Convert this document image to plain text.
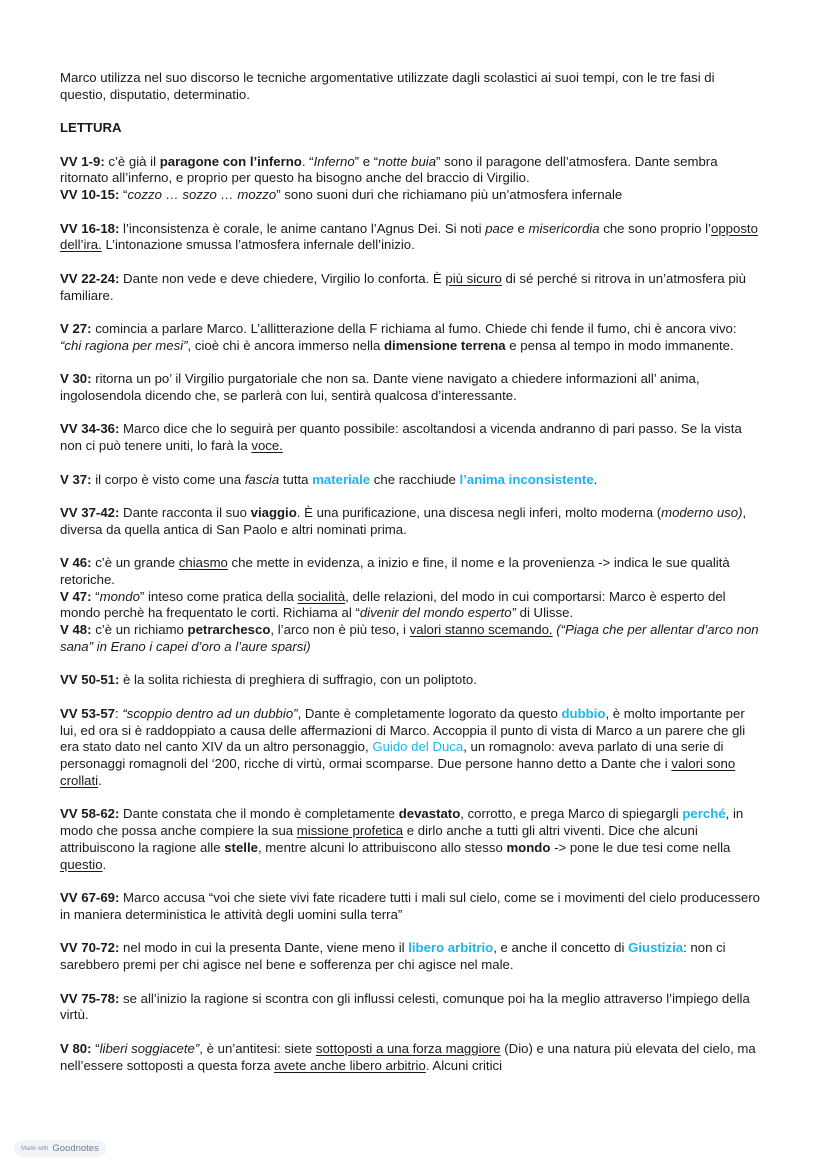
Marco utilizza nel suo discorso le tecniche argomentative utilizzate dagli scolastici ai suoi tempi, con le tre fasi di questio, disputatio, determinatio.

LETTURA

VV 1-9: c’è già il paragone con l’inferno. “Inferno” e “notte buia” sono il paragone dell’atmosfera. Dante sembra ritornato all’inferno, e proprio per questo ha bisogno anche del braccio di Virgilio.

VV 10-15: “cozzo … sozzo … mozzo” sono suoni duri che richiamano più un’atmosfera infernale

VV 16-18: l’inconsistenza è corale, le anime cantano l’Agnus Dei. Si noti pace e misericordia che sono proprio l’opposto dell’ira. L’intonazione smussa l’atmosfera infernale dell’inizio.

VV 22-24: Dante non vede e deve chiedere, Virgilio lo conforta. È più sicuro di sé perché si ritrova in un’atmosfera più familiare.

V 27: comincia a parlare Marco. L’allitterazione della F richiama al fumo. Chiede chi fende il fumo, chi è ancora vivo: “chi ragiona per mesi”, cioè chi è ancora immerso nella dimensione terrena e pensa al tempo in modo immanente.

V 30: ritorna un po’ il Virgilio purgatoriale che non sa. Dante viene navigato a chiedere informazioni all’ anima, ingolosendola dicendo che, se parlerà con lui, sentirà qualcosa d’interessante.

VV 34-36: Marco dice che lo seguirà per quanto possibile: ascoltandosi a vicenda andranno di pari passo. Se la vista non ci può tenere uniti, lo farà la voce.

V 37: il corpo è visto come una fascia tutta materiale che racchiude l’anima inconsistente.

VV 37-42: Dante racconta il suo viaggio. È una purificazione, una discesa negli inferi, molto moderna (moderno uso), diversa da quella antica di San Paolo e altri nominati prima.

V 46: c’è un grande chiasmo che mette in evidenza, a inizio e fine, il nome e la provenienza -> indica le sue qualità retoriche.

V 47: “mondo” inteso come pratica della socialità, delle relazioni, del modo in cui comportarsi: Marco è esperto del mondo perchè ha frequentato le corti. Richiama al “divenir del mondo esperto” di Ulisse.

V 48: c’è un richiamo petrarchesco, l’arco non è più teso, i valori stanno scemando. (“Piaga che per allentar d’arco non sana” in Erano i capei d’oro a l’aure sparsi)

VV 50-51: è la solita richiesta di preghiera di suffragio, con un poliptoto.

VV 53-57: “scoppio dentro ad un dubbio”, Dante è completamente logorato da questo dubbio, è molto importante per lui, ed ora si è raddoppiato a causa delle affermazioni di Marco. Accoppia il punto di vista di Marco a un parere che gli era stato dato nel canto XIV da un altro personaggio, Guido del Duca, un romagnolo: aveva parlato di una serie di personaggi romagnoli del ‘200, ricche di virtù, ormai scomparse. Due persone hanno detto a Dante che i valori sono crollati.

VV 58-62: Dante constata che il mondo è completamente devastato, corrotto, e prega Marco di spiegargli perché, in modo che possa anche compiere la sua missione profetica e dirlo anche a tutti gli altri viventi. Dice che alcuni attribuiscono la ragione alle stelle, mentre alcuni lo attribuiscono allo stesso mondo -> pone le due tesi come nella questio.

VV 67-69: Marco accusa “voi che siete vivi fate ricadere tutti i mali sul cielo, come se i movimenti del cielo producessero in maniera deterministica le attività degli uomini sulla terra”

VV 70-72: nel modo in cui la presenta Dante, viene meno il libero arbitrio, e anche il concetto di Giustizia: non ci sarebbero premi per chi agisce nel bene e sofferenza per chi agisce nel male.

VV 75-78: se all’inizio la ragione si scontra con gli influssi celesti, comunque poi ha la meglio attraverso l’impiego della virtù.

V 80: “liberi soggiacete”, è un’antitesi: siete sottoposti a una forza maggiore (Dio) e una natura più elevata del cielo, ma nell’essere sottoposti a questa forza avete anche libero arbitrio. Alcuni critici

Made with Goodnotes
